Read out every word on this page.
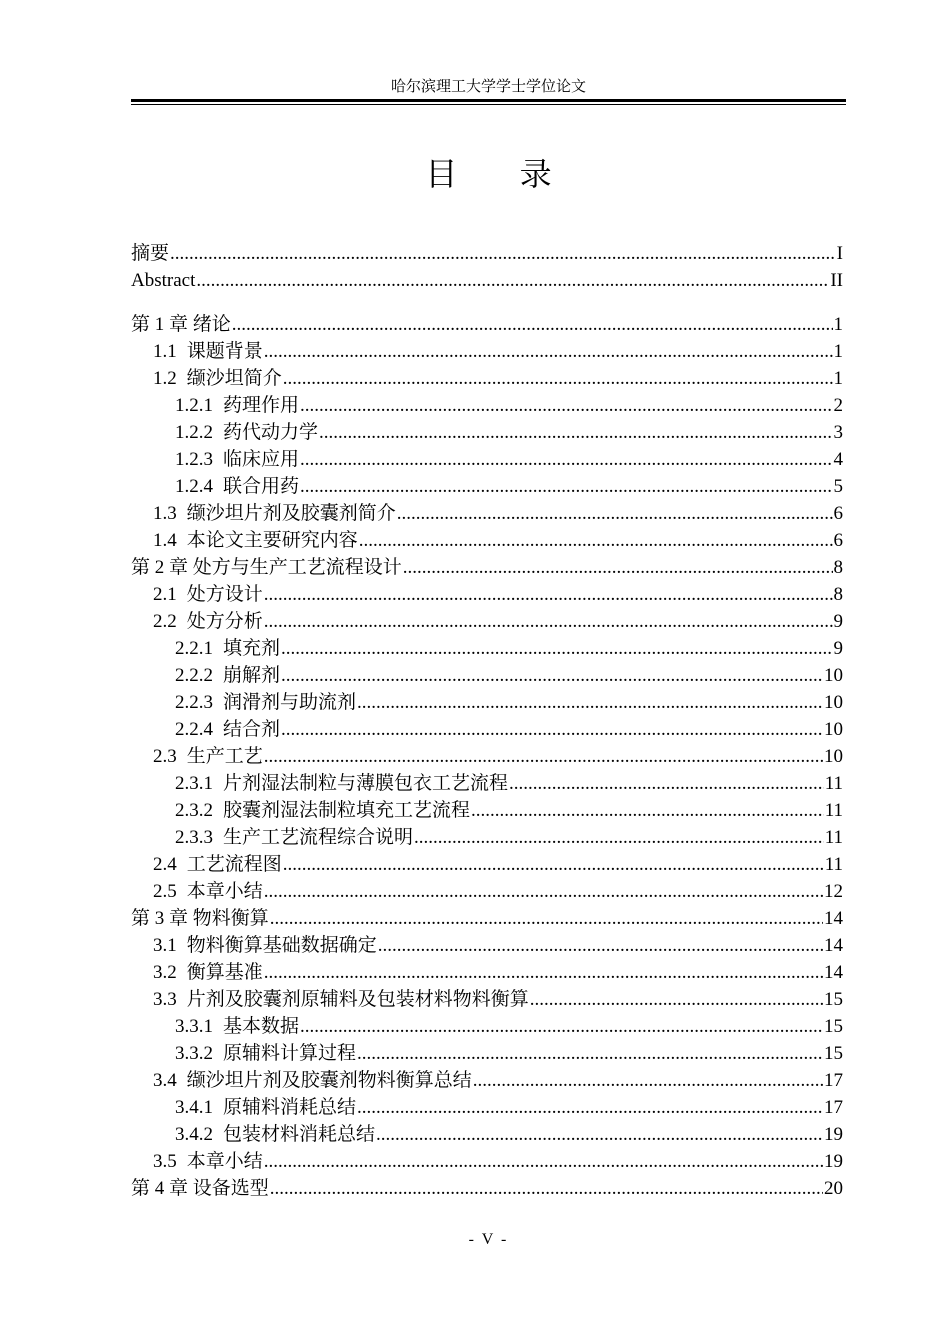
哈尔滨理工大学学士学位论文
目 录
摘要 .....	I
Abstract .....	II
第 1 章 绪论 .....	1
1.1 课题背景 .....	1
1.2 缬沙坦简介 .....	1
1.2.1 药理作用 .....	2
1.2.2 药代动力学 .....	3
1.2.3 临床应用 .....	4
1.2.4 联合用药 .....	5
1.3 缬沙坦片剂及胶囊剂简介 .....	6
1.4 本论文主要研究内容 .....	6
第 2 章 处方与生产工艺流程设计 .....	8
2.1 处方设计 .....	8
2.2 处方分析 .....	9
2.2.1 填充剂 .....	9
2.2.2 崩解剂 .....	10
2.2.3 润滑剂与助流剂 .....	10
2.2.4 结合剂 .....	10
2.3 生产工艺 .....	10
2.3.1 片剂湿法制粒与薄膜包衣工艺流程 .....	11
2.3.2 胶囊剂湿法制粒填充工艺流程 .....	11
2.3.3 生产工艺流程综合说明 .....	11
2.4 工艺流程图 .....	11
2.5 本章小结 .....	12
第 3 章 物料衡算 .....	14
3.1 物料衡算基础数据确定 .....	14
3.2 衡算基准 .....	14
3.3 片剂及胶囊剂原辅料及包装材料物料衡算 .....	15
3.3.1 基本数据 .....	15
3.3.2 原辅料计算过程 .....	15
3.4 缬沙坦片剂及胶囊剂物料衡算总结 .....	17
3.4.1 原辅料消耗总结 .....	17
3.4.2 包装材料消耗总结 .....	19
3.5 本章小结 .....	19
第 4 章 设备选型 .....	20
- V -
